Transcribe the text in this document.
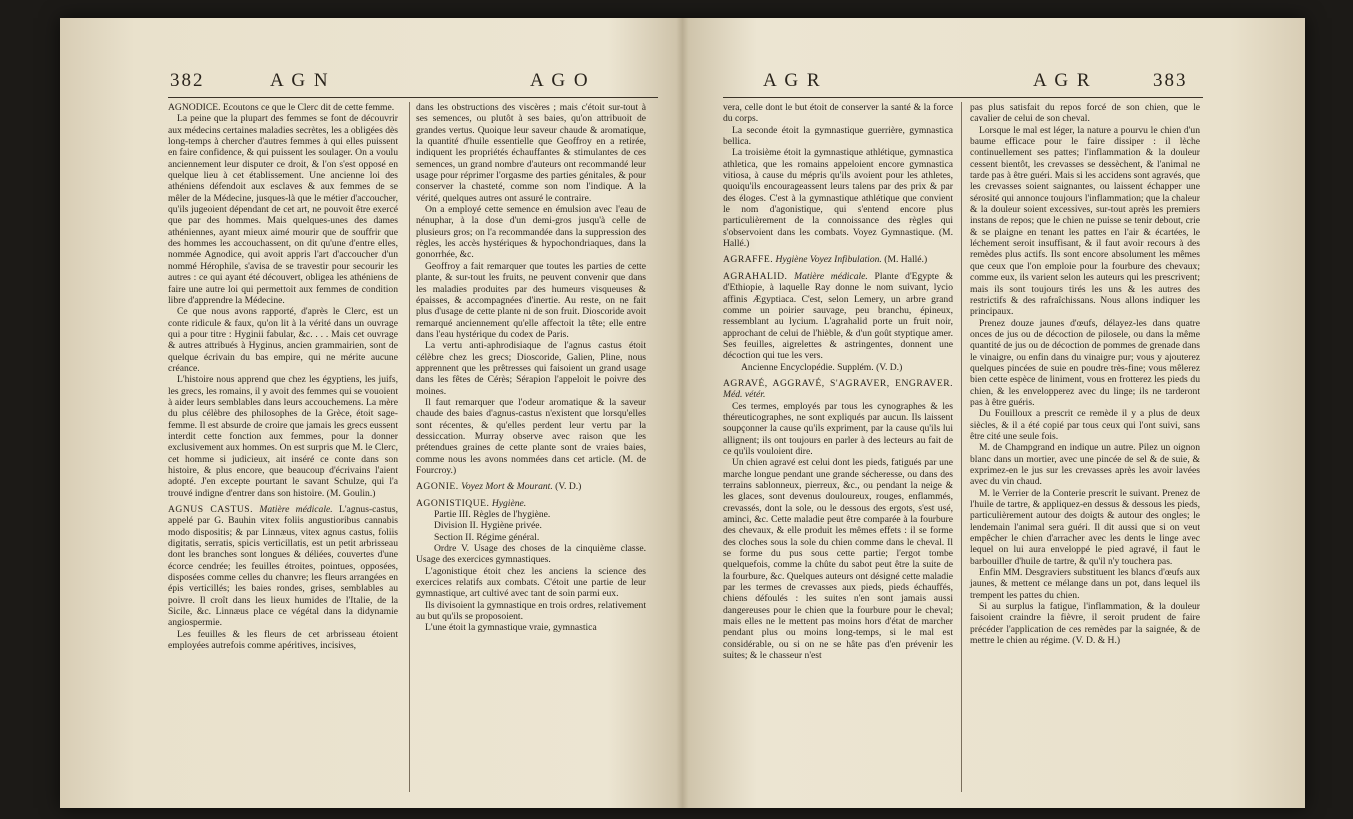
382	A G N	A G O

AGNODICE. Ecoutons ce que le Clerc dit de cette femme.

La peine que la plupart des femmes se font de découvrir aux médecins certaines maladies secrètes, les a obligées dès long-temps à chercher d'autres femmes à qui elles puissent en faire confidence, & qui puissent les soulager. On a voulu anciennement leur disputer ce droit, & l'on s'est opposé en quelque lieu à cet établissement. Une ancienne loi des athéniens défendoit aux esclaves & aux femmes de se mêler de la Médecine, jusques-là que le métier d'accoucher, qu'ils jugeoient dépendant de cet art, ne pouvoit être exercé que par des hommes. Mais quelques-unes des dames athéniennes, ayant mieux aimé mourir que de souffrir que des hommes les accouchassent, on dit qu'une d'entre elles, nommée Agnodice, qui avoit appris l'art d'accoucher d'un nommé Hérophile, s'avisa de se travestir pour secourir les autres : ce qui ayant été découvert, obligea les athéniens de faire une autre loi qui permettoit aux femmes de condition libre d'apprendre la Médecine.

Ce que nous avons rapporté, d'après le Clerc, est un conte ridicule & faux, qu'on lit à la vérité dans un ouvrage qui a pour titre : Hyginii fabular, &c. . . . Mais cet ouvrage & autres attribués à Hyginus, ancien grammairien, sont de quelque écrivain du bas empire, qui ne mérite aucune créance.

L'histoire nous apprend que chez les égyptiens, les juifs, les grecs, les romains, il y avoit des femmes qui se vouoient à aider leurs semblables dans leurs accouchemens. La mère du plus célèbre des philosophes de la Grèce, étoit sage-femme. Il est absurde de croire que jamais les grecs eussent interdit cette fonction aux femmes, pour la donner exclusivement aux hommes. On est surpris que M. le Clerc, cet homme si judicieux, ait inséré ce conte dans son histoire, & plus encore, que beaucoup d'écrivains l'aient adopté. J'en excepte pourtant le savant Schulze, qui l'a trouvé indigne d'entrer dans son histoire. (M. Goulin.)

AGNUS CASTUS. Matière médicale. L'agnus-castus, appelé par G. Bauhin vitex foliis angustioribus cannabis modo dispositis; & par Linnæus, vitex agnus castus, foliis digitatis, serratis, spicis verticillatis, est un petit arbrisseau dont les branches sont longues & déliées, couvertes d'une écorce cendrée; les feuilles étroites, pointues, opposées, disposées comme celles du chanvre; les fleurs arrangées en épis verticillés; les baies rondes, grises, semblables au poivre. Il croît dans les lieux humides de l'Italie, de la Sicile, &c. Linnæus place ce végétal dans la didynamie angiospermie.

Les feuilles & les fleurs de cet arbrisseau étoient employées autrefois comme apéritives, incisives,

dans les obstructions des viscères ; mais c'étoit sur-tout à ses semences, ou plutôt à ses baies, qu'on attribuoit de grandes vertus. Quoique leur saveur chaude & aromatique, la quantité d'huile essentielle que Geoffroy en a retirée, indiquent les propriétés échauffantes & stimulantes de ces semences, un grand nombre d'auteurs ont recommandé leur usage pour réprimer l'orgasme des parties génitales, & pour conserver la chasteté, comme son nom l'indique. A la vérité, quelques autres ont assuré le contraire.

On a employé cette semence en émulsion avec l'eau de nénuphar, à la dose d'un demi-gros jusqu'à celle de plusieurs gros; on l'a recommandée dans la suppression des règles, les accès hystériques & hypochondriaques, dans la gonorrhée, &c.

Geoffroy a fait remarquer que toutes les parties de cette plante, & sur-tout les fruits, ne peuvent convenir que dans les maladies produites par des humeurs visqueuses & épaisses, & accompagnées d'inertie. Au reste, on ne fait plus d'usage de cette plante ni de son fruit. Dioscoride avoit remarqué anciennement qu'elle affectoit la tête; elle entre dans l'eau hystérique du codex de Paris.

La vertu anti-aphrodisiaque de l'agnus castus étoit célèbre chez les grecs; Dioscoride, Galien, Pline, nous apprennent que les prêtresses qui faisoient un grand usage dans les fêtes de Cérès; Sérapion l'appeloit le poivre des moines.

Il faut remarquer que l'odeur aromatique & la saveur chaude des baies d'agnus-castus n'existent que lorsqu'elles sont récentes, & qu'elles perdent leur vertu par la dessiccation. Murray observe avec raison que les prétendues graines de cette plante sont de vraies baies, comme nous les avons nommées dans cet article. (M. de Fourcroy.)

AGONIE. Voyez Mort & Mourant. (V. D.)

AGONISTIQUE. Hygiène.

Partie III. Règles de l'hygiène.

Division II. Hygiène privée.

Section II. Régime général.

Ordre V. Usage des choses de la cinquième classe. Usage des exercices gymnastiques.

L'agonistique étoit chez les anciens la science des exercices relatifs aux combats. C'étoit une partie de leur gymnastique, art cultivé avec tant de soin parmi eux.

Ils divisoient la gymnastique en trois ordres, relativement au but qu'ils se proposoient.

L'une étoit la gymnastique vraie, gymnastica

A G R	A G R	383

vera, celle dont le but étoit de conserver la santé & la force du corps.

La seconde étoit la gymnastique guerrière, gymnastica bellica.

La troisième étoit la gymnastique athlétique, gymnastica athletica, que les romains appeloient encore gymnastica vitiosa, à cause du mépris qu'ils avoient pour les athletes, quoiqu'ils encourageassent leurs talens par des prix & par des éloges. C'est à la gymnastique athlétique que convient le nom d'agonistique, qui s'entend encore plus particulièrement de la connoissance des règles qui s'observoient dans les combats. Voyez Gymnastique. (M. Hallé.)

AGRAFFE. Hygiène Voyez Infibulation. (M. Hallé.)

AGRAHALID. Matière médicale. Plante d'Egypte & d'Ethiopie, à laquelle Ray donne le nom suivant, lycio affinis Ægyptiaca. C'est, selon Lemery, un arbre grand comme un poirier sauvage, peu branchu, épineux, ressemblant au lycium. L'agrahalid porte un fruit noir, approchant de celui de l'hièble, & d'un goût styptique amer. Ses feuilles, aigrelettes & astringentes, donnent une décoction qui tue les vers.

Ancienne Encyclopédie. Supplém. (V. D.)

AGRAVÉ, AGGRAVÉ, S'AGRAVER, ENGRAVER. Méd. vétér.

Ces termes, employés par tous les cynographes & les théreuticographes, ne sont expliqués par aucun. Ils laissent soupçonner la cause qu'ils expriment, par la cause qu'ils lui allignent; ils ont toujours en parler à des lecteurs au fait de ce qu'ils vouloient dire.

Un chien agravé est celui dont les pieds, fatigués par une marche longue pendant une grande sécheresse, ou dans des terrains sablonneux, pierreux, &c., ou pendant la neige & les glaces, sont devenus douloureux, rouges, enflammés, crevassés, dont la sole, ou le dessous des ergots, s'est usé, aminci, &c. Cette maladie peut être comparée à la fourbure des chevaux, & elle produit les mêmes effets : il se forme des cloches sous la sole du chien comme dans le cheval. Il se forme du pus sous cette partie; l'ergot tombe quelquefois, comme la chûte du sabot peut être la suite de la fourbure, &c. Quelques auteurs ont désigné cette maladie par les termes de crevasses aux pieds, pieds échauffés, chiens défoulés : les suites n'en sont jamais aussi dangereuses pour le chien que la fourbure pour le cheval; mais elles ne le mettent pas moins hors d'état de marcher pendant plus ou moins long-temps, si le mal est considérable, ou si on ne se hâte pas d'en prévenir les suites; & le chasseur n'est

pas plus satisfait du repos forcé de son chien, que le cavalier de celui de son cheval.

Lorsque le mal est léger, la nature a pourvu le chien d'un baume efficace pour le faire dissiper : il lèche continuellement ses pattes; l'inflammation & la douleur cessent bientôt, les crevasses se dessèchent, & l'animal ne tarde pas à être guéri. Mais si les accidens sont agravés, que les crevasses soient saignantes, ou laissent échapper une sérosité qui annonce toujours l'inflammation; que la chaleur & la douleur soient excessives, sur-tout après les premiers instans de repos; que le chien ne puisse se tenir debout, crie & se plaigne en tenant les pattes en l'air & écartées, le léchement seroit insuffisant, & il faut avoir recours à des remèdes plus actifs. Ils sont encore absolument les mêmes que ceux que l'on emploie pour la fourbure des chevaux; comme eux, ils varient selon les auteurs qui les prescrivent; mais ils sont toujours tirés les uns & les autres des restrictifs & des rafraîchissans. Nous allons indiquer les principaux.

Prenez douze jaunes d'œufs, délayez-les dans quatre onces de jus ou de décoction de pilosele, ou dans la même quantité de jus ou de décoction de pommes de grenade dans le vinaigre, ou enfin dans du vinaigre pur; vous y ajouterez quelques pincées de suie en poudre très-fine; vous mêlerez bien cette espèce de liniment, vous en frotterez les pieds du chien, & les envelopperez avec du linge; ils ne tarderont pas à être guéris.

Du Fouilloux a prescrit ce remède il y a plus de deux siècles, & il a été copié par tous ceux qui l'ont suivi, sans être cité une seule fois.

M. de Champgrand en indique un autre. Pilez un oignon blanc dans un mortier, avec une pincée de sel & de suie, & exprimez-en le jus sur les crevasses après les avoir lavées avec du vin chaud.

M. le Verrier de la Conterie prescrit le suivant. Prenez de l'huile de tartre, & appliquez-en dessus & dessous les pieds, particulièrement autour des doigts & autour des ongles; le lendemain l'animal sera guéri. Il dit aussi que si on veut empêcher le chien d'arracher avec les dents le linge avec lequel on lui aura enveloppé le pied agravé, il faut le barbouiller d'huile de tartre, & qu'il n'y touchera pas.

Enfin MM. Desgraviers substituent les blancs d'œufs aux jaunes, & mettent ce mélange dans un pot, dans lequel ils trempent les pattes du chien.

Si au surplus la fatigue, l'inflammation, & la douleur faisoient craindre la fièvre, il seroit prudent de faire précéder l'application de ces remèdes par la saignée, & de mettre le chien au régime. (V. D. & H.)
